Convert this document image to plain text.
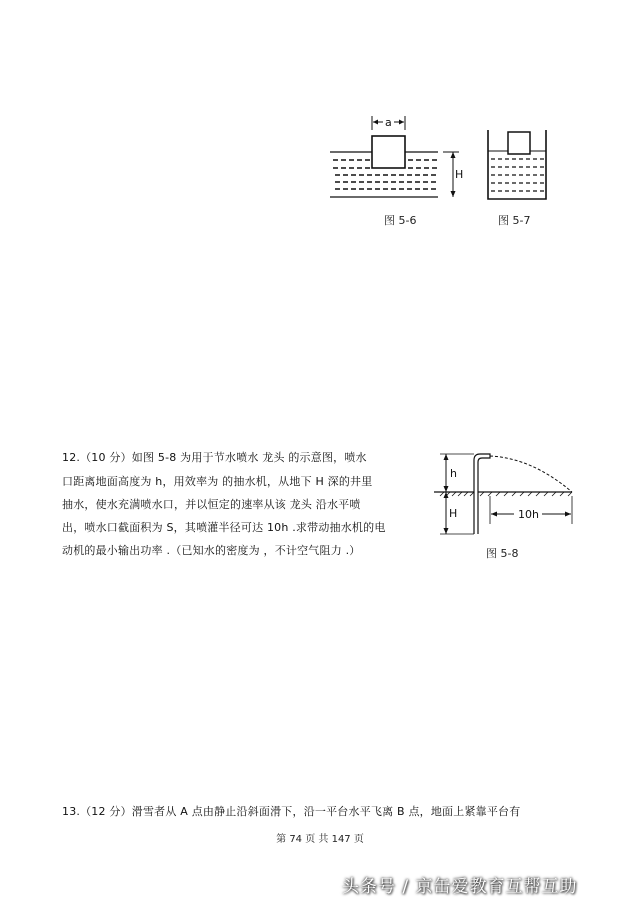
a
H
图 5-6	图 5-7
12.（10 分）如图 5-8 为用于节水喷水 龙头 的示意图，喷水
口距离地面高度为 h，用效率为 的抽水机，从地下 H 深的井里
抽水，使水充满喷水口，并以恒定的速率从该 龙头 沿水平喷
出，喷水口截面积为 S，其喷灌半径可达 10h .求带动抽水机的电
动机的最小输出功率 .（已知水的密度为 ，不计空气阻力 .）
h
H	10h
图 5-8
13.（12 分）滑雪者从 A 点由静止沿斜面滑下，沿一平台水平飞离 B 点，地面上紧靠平台有
第 74 页 共 147 页
头条号 / 京缶爱教育互帮互助
